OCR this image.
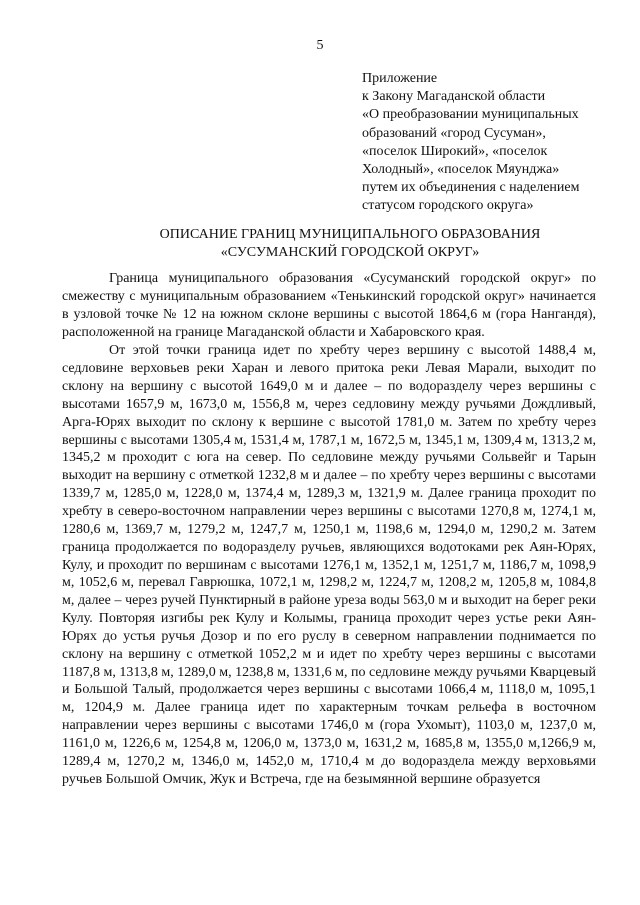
5
Приложение
к Закону Магаданской области
«О преобразовании муниципальных
образований «город Сусуман»,
«поселок Широкий», «поселок
Холодный», «поселок Мяунджа»
путем их объединения с наделением
статусом городского округа»
ОПИСАНИЕ ГРАНИЦ МУНИЦИПАЛЬНОГО ОБРАЗОВАНИЯ
«СУСУМАНСКИЙ ГОРОДСКОЙ ОКРУГ»

Граница муниципального образования «Сусуманский городской округ» по смежеству с муниципальным образованием «Тенькинский городской округ» начинается в узловой точке № 12 на южном склоне вершины с высотой 1864,6 м (гора Нангандя), расположенной на границе Магаданской области и Хабаровского края.

От этой точки граница идет по хребту через вершину с высотой 1488,4 м, седловине верховьев реки Харан и левого притока реки Левая Марали, выходит по склону на вершину с высотой 1649,0 м и далее – по водоразделу через вершины с высотами 1657,9 м, 1673,0 м, 1556,8 м, через седловину между ручьями Дождливый, Арга-Юрях выходит по склону к вершине с высотой 1781,0 м. Затем по хребту через вершины с высотами 1305,4 м, 1531,4 м, 1787,1 м, 1672,5 м, 1345,1 м, 1309,4 м, 1313,2 м, 1345,2 м проходит с юга на север. По седловине между ручьями Сольвейг и Тарын выходит на вершину с отметкой 1232,8 м и далее – по хребту через вершины с высотами 1339,7 м, 1285,0 м, 1228,0 м, 1374,4 м, 1289,3 м, 1321,9 м. Далее граница проходит по хребту в северо-восточном направлении через вершины с высотами 1270,8 м, 1274,1 м, 1280,6 м, 1369,7 м, 1279,2 м, 1247,7 м, 1250,1 м, 1198,6 м, 1294,0 м, 1290,2 м. Затем граница продолжается по водоразделу ручьев, являющихся водотоками рек Аян-Юрях, Кулу, и проходит по вершинам с высотами 1276,1 м, 1352,1 м, 1251,7 м, 1186,7 м, 1098,9 м, 1052,6 м, перевал Гаврюшка, 1072,1 м, 1298,2 м, 1224,7 м, 1208,2 м, 1205,8 м, 1084,8 м, далее – через ручей Пунктирный в районе уреза воды 563,0 м и выходит на берег реки Кулу. Повторяя изгибы рек Кулу и Колымы, граница проходит через устье реки Аян-Юрях до устья ручья Дозор и по его руслу в северном направлении поднимается по склону на вершину с отметкой 1052,2 м и идет по хребту через вершины с высотами 1187,8 м, 1313,8 м, 1289,0 м, 1238,8 м, 1331,6 м, по седловине между ручьями Кварцевый и Большой Талый, продолжается через вершины с высотами 1066,4 м, 1118,0 м, 1095,1 м, 1204,9 м. Далее граница идет по характерным точкам рельефа в восточном направлении через вершины с высотами 1746,0 м (гора Ухомыт), 1103,0 м, 1237,0 м, 1161,0 м, 1226,6 м, 1254,8 м, 1206,0 м, 1373,0 м, 1631,2 м, 1685,8 м, 1355,0 м,1266,9 м, 1289,4 м, 1270,2 м, 1346,0 м, 1452,0 м, 1710,4 м до водораздела между верховьями ручьев Большой Омчик, Жук и Встреча, где на безымянной вершине образуется
